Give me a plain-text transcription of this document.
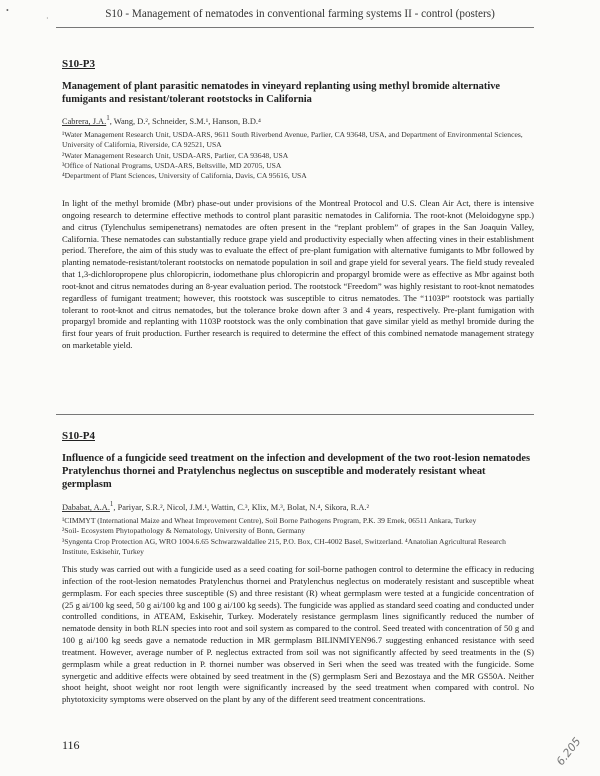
•
·	S10 - Management of nematodes in conventional farming systems II - control (posters)
S10-P3
Management of plant parasitic nematodes in vineyard replanting using methyl bromide alternative fumigants and resistant/tolerant rootstocks in California
Cabrera, J.A.$^1$, Wang, D.², Schneider, S.M.¹, Hanson, B.D.⁴
¹Water Management Research Unit, USDA-ARS, 9611 South Riverbend Avenue, Parlier, CA 93648, USA, and Department of Environmental Sciences, University of California, Riverside, CA 92521, USA
²Water Management Research Unit, USDA-ARS, Parlier, CA 93648, USA
³Office of National Programs, USDA-ARS, Beltsville, MD 20705, USA
⁴Department of Plant Sciences, University of California, Davis, CA 95616, USA
In light of the methyl bromide (Mbr) phase-out under provisions of the Montreal Protocol and U.S. Clean Air Act, there is intensive ongoing research to determine effective methods to control plant parasitic nematodes in California. The root-knot (Meloidogyne spp.) and citrus (Tylenchulus semipenetrans) nematodes are often present in the “replant problem” of grapes in the San Joaquin Valley, California. These nematodes can substantially reduce grape yield and productivity especially when affecting vines in their establishment period. Therefore, the aim of this study was to evaluate the effect of pre-plant fumigation with alternative fumigants to Mbr followed by planting nematode-resistant/tolerant rootstocks on nematode population in soil and grape yield for several years. The field study revealed that 1,3-dichloropropene plus chloropicrin, iodomethane plus chloropicrin and propargyl bromide were as effective as Mbr against both root-knot and citrus nematodes during an 8-year evaluation period. The rootstock “Freedom” was highly resistant to root-knot nematodes regardless of fumigant treatment; however, this rootstock was susceptible to citrus nematodes. The “1103P” rootstock was partially tolerant to root-knot and citrus nematodes, but the tolerance broke down after 3 and 4 years, respectively. Pre-plant fumigation with propargyl bromide and replanting with 1103P rootstock was the only combination that gave similar yield as methyl bromide during the first four years of fruit production. Further research is required to determine the effect of this combined nematode management strategy on marketable yield.
S10-P4
Influence of a fungicide seed treatment on the infection and development of the two root-lesion nematodes Pratylenchus thornei and Pratylenchus neglectus on susceptible and moderately resistant wheat germplasm
Dababat, A.A.$^1$, Pariyar, S.R.², Nicol, J.M.¹, Wattin, C.³, Klix, M.³, Bolat, N.⁴, Sikora, R.A.²
¹CIMMYT (International Maize and Wheat Improvement Centre), Soil Borne Pathogens Program, P.K. 39 Emek, 06511 Ankara, Turkey
²Soil- Ecosystem Phytopathology & Nematology, University of Bonn, Germany
³Syngenta Crop Protection AG, WRO 1004.6.65 Schwarzwaldallee 215, P.O. Box, CH-4002 Basel, Switzerland. ⁴Anatolian Agricultural Research Institute, Eskisehir, Turkey
This study was carried out with a fungicide used as a seed coating for soil-borne pathogen control to determine the efficacy in reducing infection of the root-lesion nematodes Pratylenchus thornei and Pratylenchus neglectus on moderately resistant and susceptible wheat germplasm. For each species three susceptible (S) and three resistant (R) wheat germplasm were tested at a fungicide concentration of (25 g ai/100 kg seed, 50 g ai/100 kg and 100 g ai/100 kg seeds). The fungicide was applied as standard seed coating and conducted under controlled conditions, in ATEAM, Eskisehir, Turkey. Moderately resistance germplasm lines significantly reduced the number of nematode density in both RLN species into root and soil system as compared to the control. Seed treated with concentration of 50 g and 100 g ai/100 kg seeds gave a nematode reduction in MR germplasm BILINMIYEN96.7 suggesting enhanced resistance with seed treatment. However, average number of P. neglectus extracted from soil was not significantly affected by seed treatments in the (S) germplasm while a great reduction in P. thornei number was observed in Seri when the seed was treated with the fungicide. Some synergetic and additive effects were obtained by seed treatment in the (S) germplasm Seri and Bezostaya and the MR GS50A. Neither shoot height, shoot weight nor root length were significantly increased by the seed treatment when compared with control. No phytotoxicity symptoms were observed on the plant by any of the different seed treatment concentrations.
116	6.205
